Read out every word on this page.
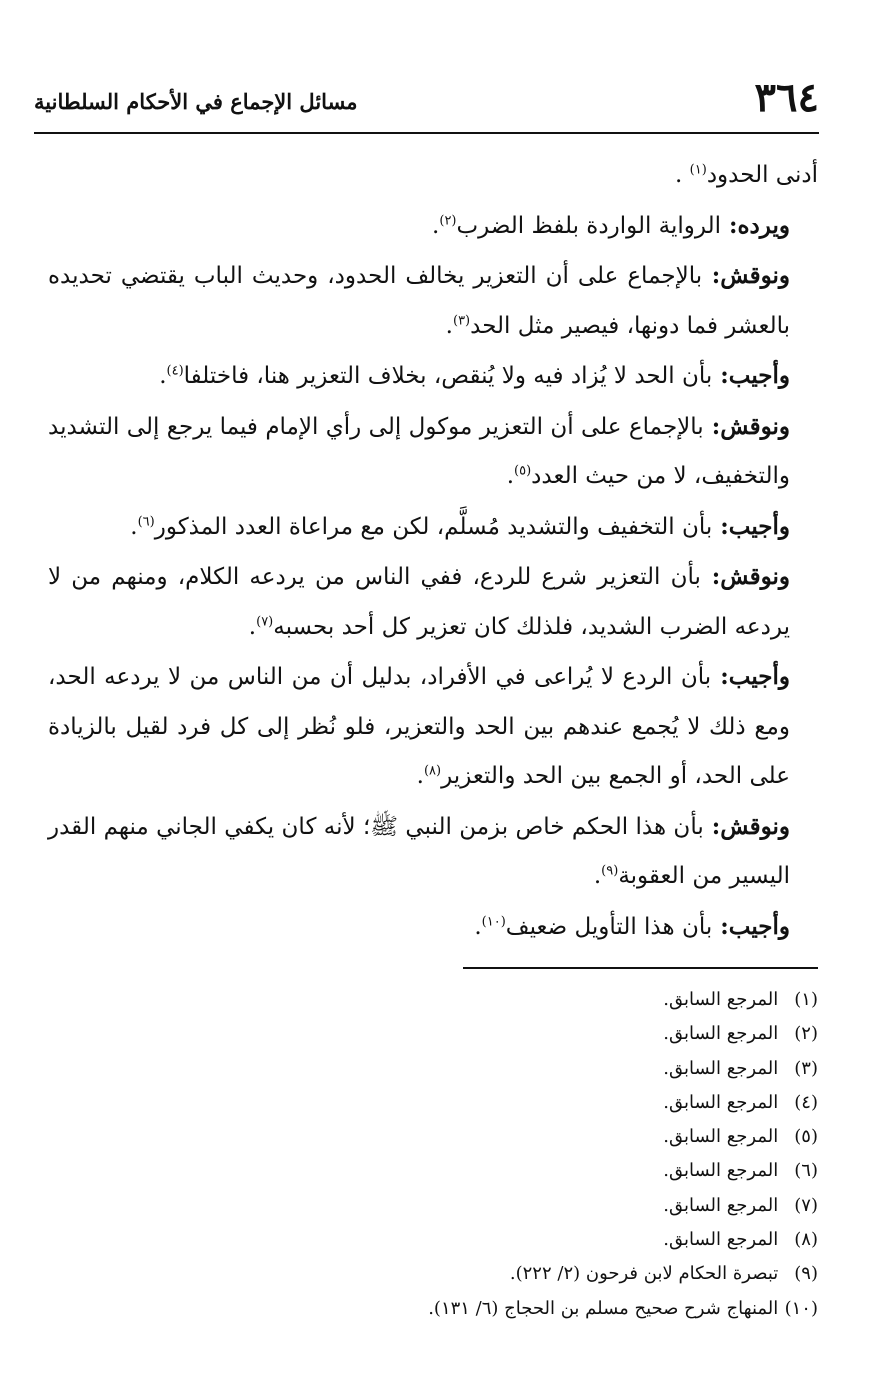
٣٦٤
مسائل الإجماع في الأحكام السلطانية

أدنى الحدود$^{(١)}$ .

ويرده: الرواية الواردة بلفظ الضرب$^{(٢)}$.

ونوقش: بالإجماع على أن التعزير يخالف الحدود، وحديث الباب يقتضي تحديده بالعشر فما دونها، فيصير مثل الحد$^{(٣)}$.

وأجيب: بأن الحد لا يُزاد فيه ولا يُنقص، بخلاف التعزير هنا، فاختلفا$^{(٤)}$.

ونوقش: بالإجماع على أن التعزير موكول إلى رأي الإمام فيما يرجع إلى التشديد والتخفيف، لا من حيث العدد$^{(٥)}$.

وأجيب: بأن التخفيف والتشديد مُسلَّم، لكن مع مراعاة العدد المذكور$^{(٦)}$.

ونوقش: بأن التعزير شرع للردع، ففي الناس من يردعه الكلام، ومنهم من لا يردعه الضرب الشديد، فلذلك كان تعزير كل أحد بحسبه$^{(٧)}$.

وأجيب: بأن الردع لا يُراعى في الأفراد، بدليل أن من الناس من لا يردعه الحد، ومع ذلك لا يُجمع عندهم بين الحد والتعزير، فلو نُظر إلى كل فرد لقيل بالزيادة على الحد، أو الجمع بين الحد والتعزير$^{(٨)}$.

ونوقش: بأن هذا الحكم خاص بزمن النبي ﷺ؛ لأنه كان يكفي الجاني منهم القدر اليسير من العقوبة$^{(٩)}$.

وأجيب: بأن هذا التأويل ضعيف$^{(١٠)}$.

(١) المرجع السابق.
(٢) المرجع السابق.
(٣) المرجع السابق.
(٤) المرجع السابق.
(٥) المرجع السابق.
(٦) المرجع السابق.
(٧) المرجع السابق.
(٨) المرجع السابق.
(٩) تبصرة الحكام لابن فرحون (٢/ ٢٢٢).
(١٠) المنهاج شرح صحيح مسلم بن الحجاج (٦/ ١٣١).
